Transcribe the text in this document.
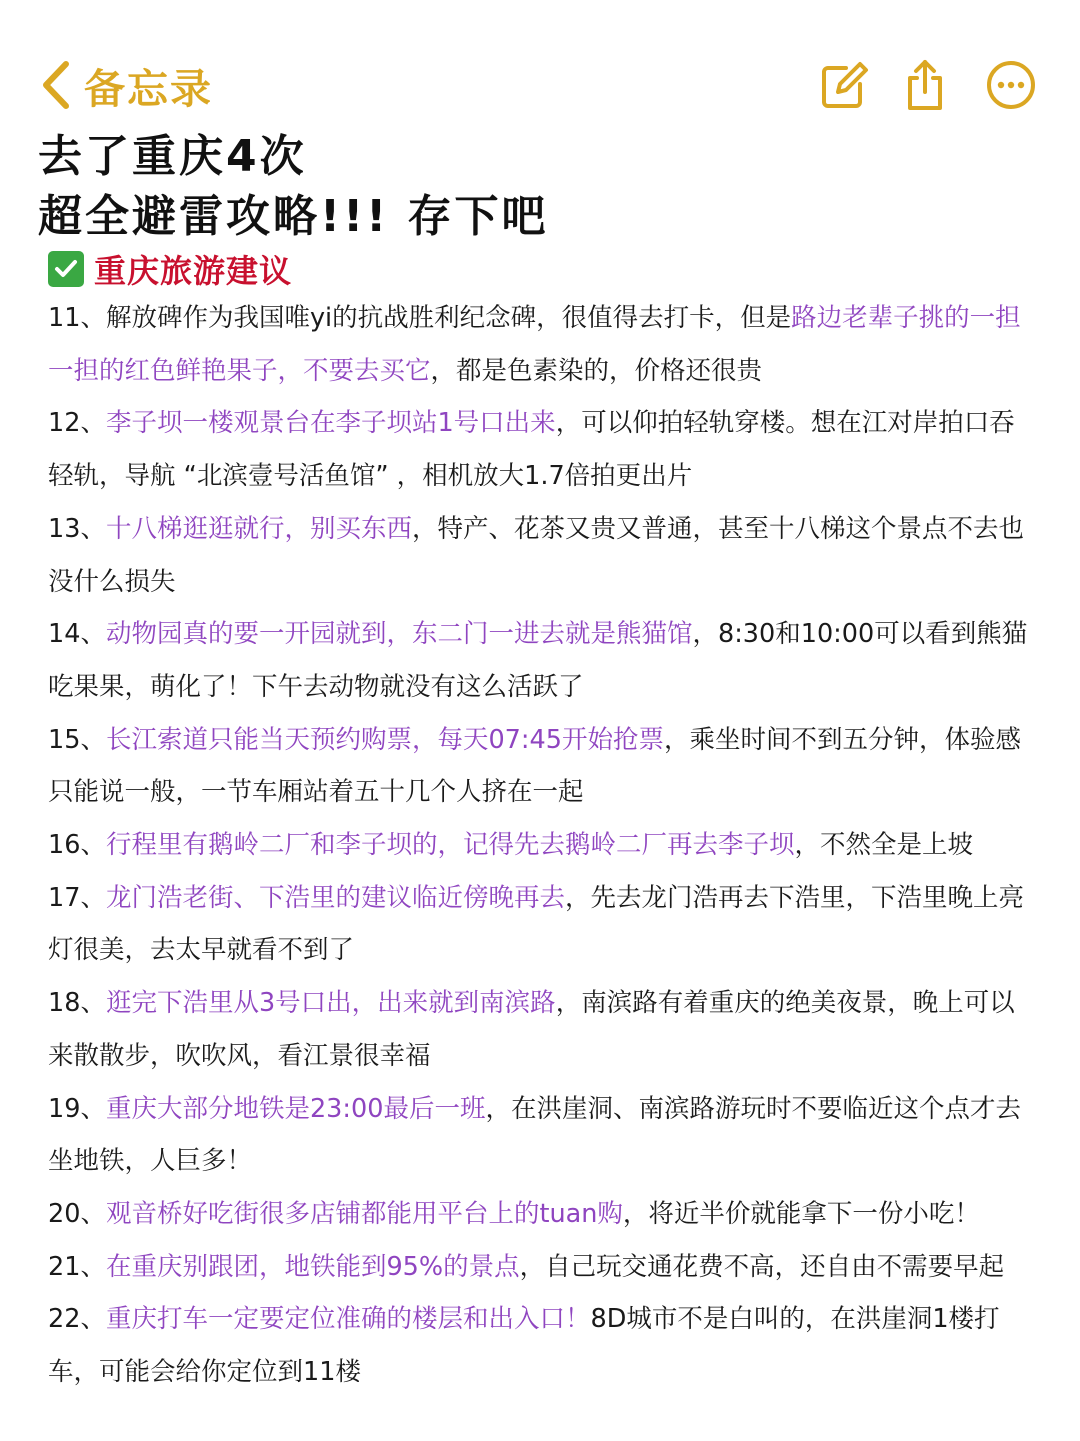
备忘录
去了重庆4次
超全避雷攻略!!! 存下吧
重庆旅游建议
11、解放碑作为我国唯yi的抗战胜利纪念碑，很值得去打卡，但是路边老辈子挑的一担一担的红色鲜艳果子，不要去买它，都是色素染的，价格还很贵
12、李子坝一楼观景台在李子坝站1号口出来，可以仰拍轻轨穿楼。想在江对岸拍口吞轻轨，导航 “北滨壹号活鱼馆” ，相机放大1.7倍拍更出片
13、十八梯逛逛就行，别买东西，特产、花茶又贵又普通，甚至十八梯这个景点不去也没什么损失
14、动物园真的要一开园就到，东二门一进去就是熊猫馆，8:30和10:00可以看到熊猫吃果果，萌化了！下午去动物就没有这么活跃了
15、长江索道只能当天预约购票，每天07:45开始抢票，乘坐时间不到五分钟，体验感只能说一般，一节车厢站着五十几个人挤在一起
16、行程里有鹅岭二厂和李子坝的，记得先去鹅岭二厂再去李子坝，不然全是上坡
17、龙门浩老街、下浩里的建议临近傍晚再去，先去龙门浩再去下浩里，下浩里晚上亮灯很美，去太早就看不到了
18、逛完下浩里从3号口出，出来就到南滨路，南滨路有着重庆的绝美夜景，晚上可以来散散步，吹吹风，看江景很幸福
19、重庆大部分地铁是23:00最后一班，在洪崖洞、南滨路游玩时不要临近这个点才去坐地铁，人巨多！
20、观音桥好吃街很多店铺都能用平台上的tuan购，将近半价就能拿下一份小吃！
21、在重庆别跟团，地铁能到95%的景点，自己玩交通花费不高，还自由不需要早起
22、重庆打车一定要定位准确的楼层和出入口！8D城市不是白叫的，在洪崖洞1楼打车，可能会给你定位到11楼
